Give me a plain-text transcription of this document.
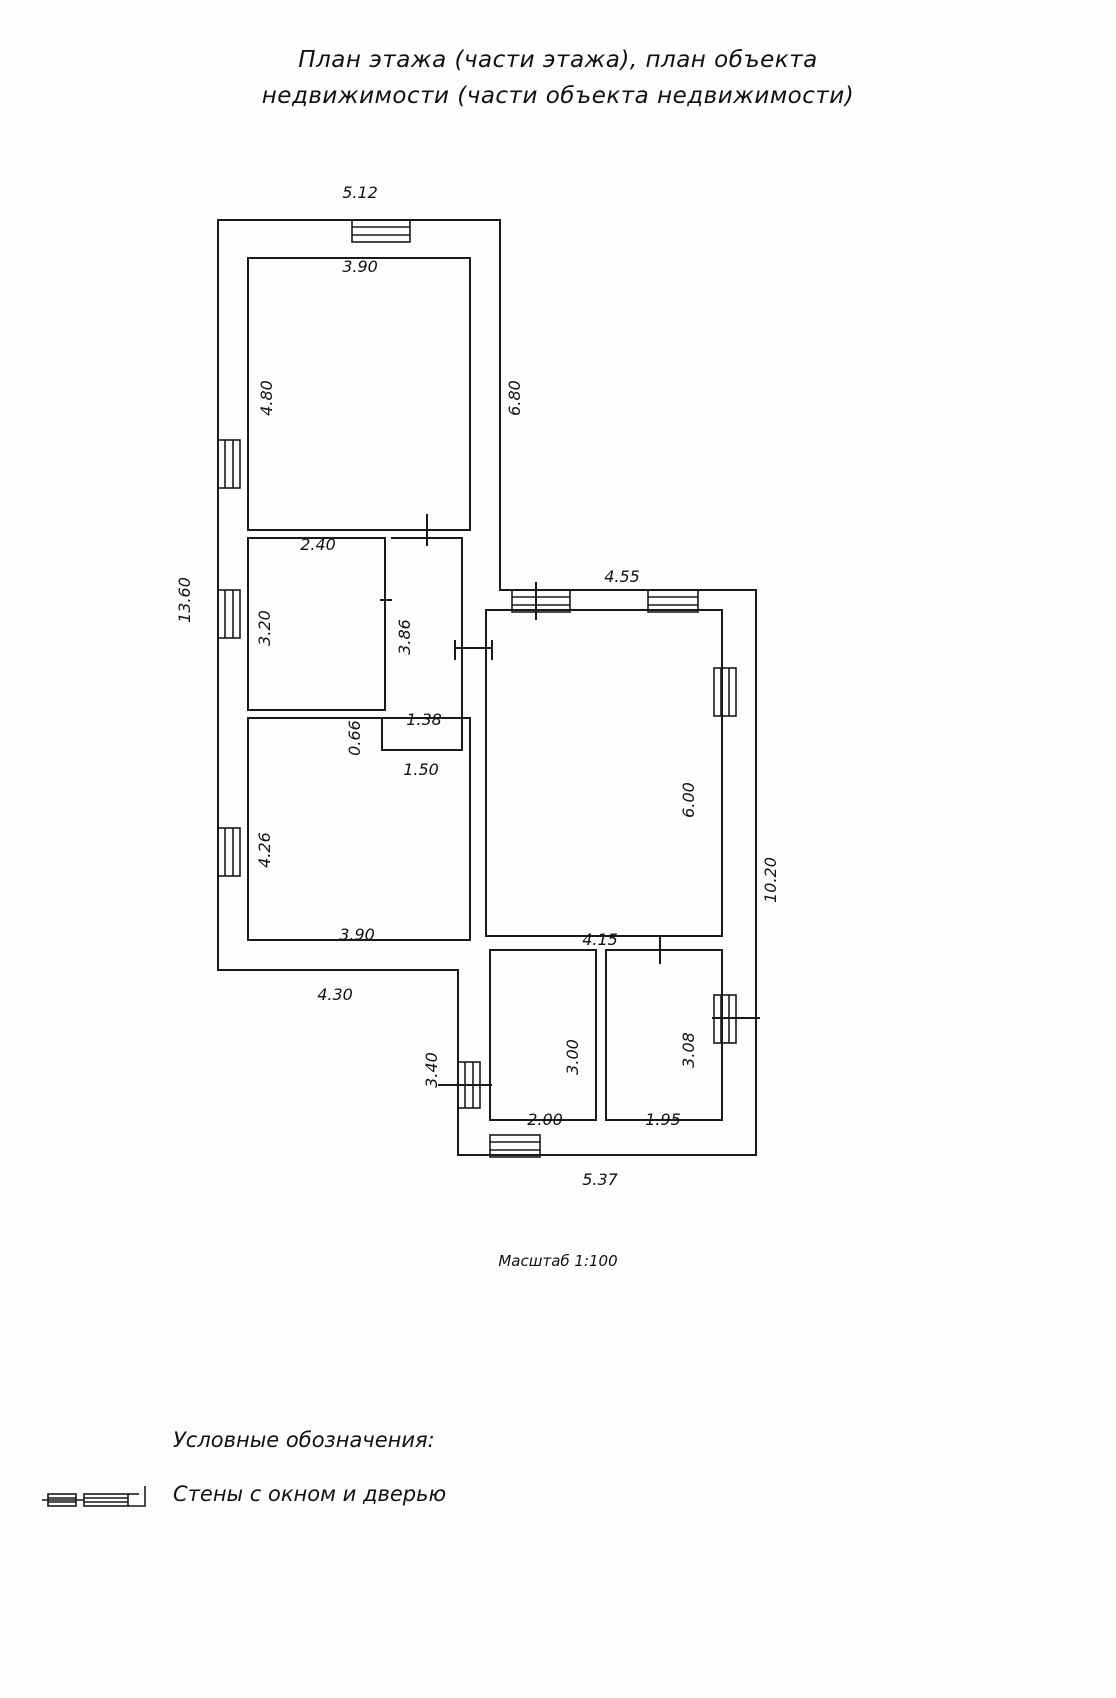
План этажа (части этажа), план объекта
недвижимости (части объекта недвижимости)
5.12
3.90
4.80
13.60
6.80
2.40
3.20	3.86
0.66
1.38
1.50
4.26
3.90
4.30
4.55
6.00
10.20
4.15
3.40	3.00	3.08
2.00	1.95
5.37
Масштаб 1:100
Условные обозначения:
Стены с окном и дверью
